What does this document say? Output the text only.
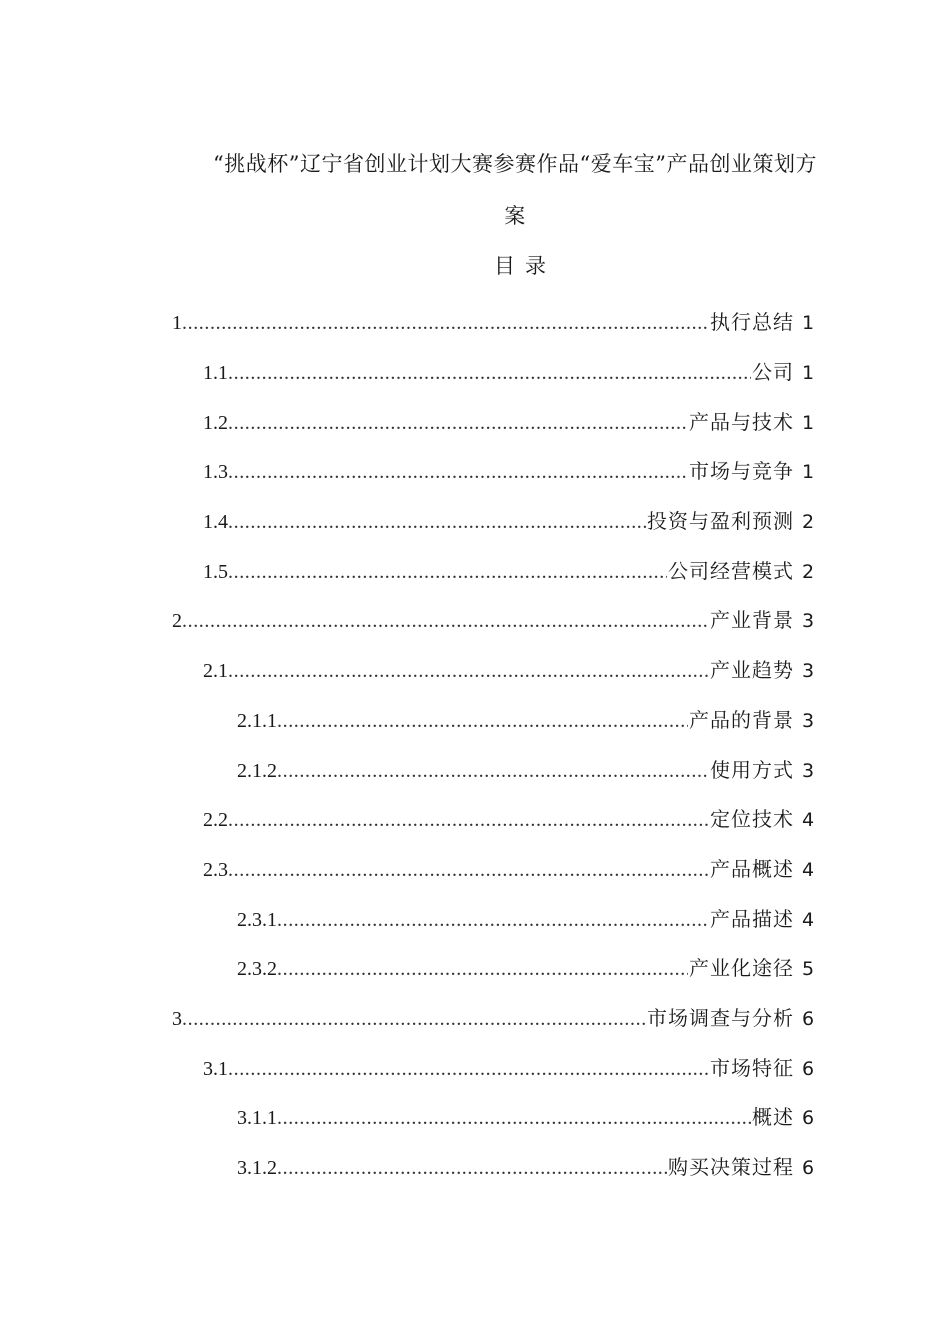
“挑战杯”辽宁省创业计划大赛参赛作品“爱车宝”产品创业策划方
案
目录
1 .....	执行总结 1
1.1 .....	公司 1
1.2 .....	产品与技术 1
1.3 .....	市场与竞争 1
1.4 .....	投资与盈利预测 2
1.5 .....	公司经营模式 2
2 .....	产业背景 3
2.1 .....	产业趋势 3
2.1.1 .....	产品的背景 3
2.1.2 .....	使用方式 3
2.2 .....	定位技术 4
2.3 .....	产品概述 4
2.3.1 .....	产品描述 4
2.3.2 .....	产业化途径 5
3 .....	市场调查与分析 6
3.1 .....	市场特征 6
3.1.1 .....	概述 6
3.1.2 .....	购买决策过程 6
